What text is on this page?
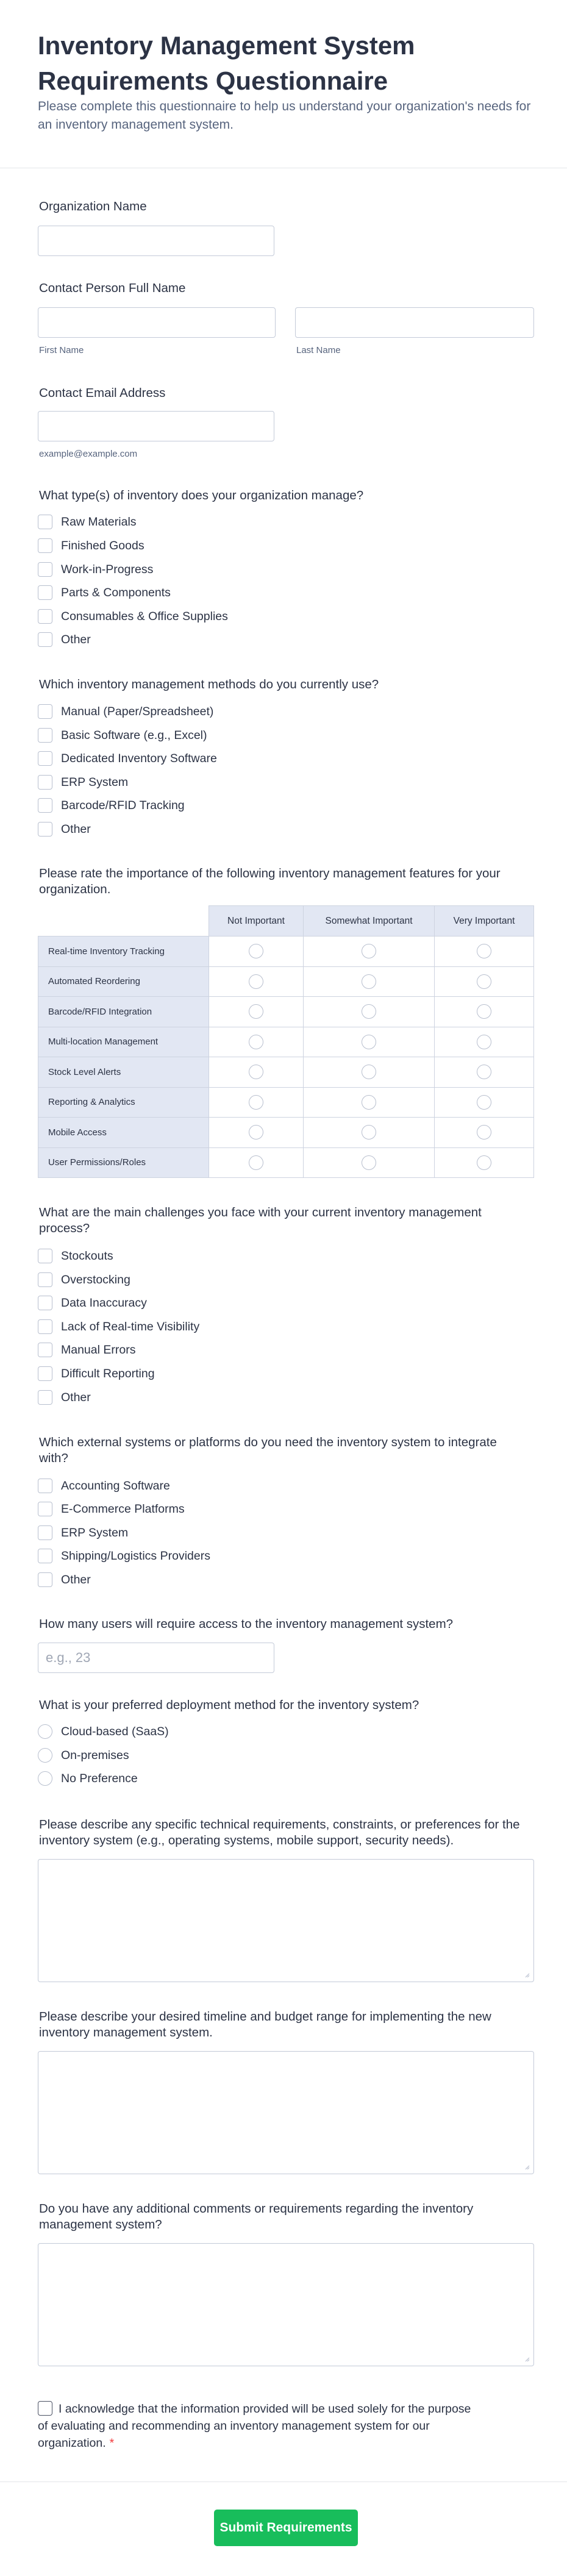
Inventory Management System Requirements Questionnaire

Please complete this questionnaire to help us understand your organization's needs for an inventory management system.

Organization Name
Contact Person Full Name
First Name	Last Name
Contact Email Address
example@example.com
What type(s) of inventory does your organization manage?
Raw Materials
Finished Goods
Work-in-Progress
Parts & Components
Consumables & Office Supplies
Other
Which inventory management methods do you currently use?
Manual (Paper/Spreadsheet)
Basic Software (e.g., Excel)
Dedicated Inventory Software
ERP System
Barcode/RFID Tracking
Other
Please rate the importance of the following inventory management features for your organization.
	Not Important	Somewhat Important	Very Important
Real-time Inventory Tracking			
Automated Reordering			
Barcode/RFID Integration			
Multi-location Management			
Stock Level Alerts			
Reporting & Analytics			
Mobile Access			
User Permissions/Roles			
What are the main challenges you face with your current inventory management process?
Stockouts
Overstocking
Data Inaccuracy
Lack of Real-time Visibility
Manual Errors
Difficult Reporting
Other
Which external systems or platforms do you need the inventory system to integrate with?
Accounting Software
E-Commerce Platforms
ERP System
Shipping/Logistics Providers
Other
How many users will require access to the inventory management system?
e.g., 23
What is your preferred deployment method for the inventory system?
Cloud-based (SaaS)
On-premises
No Preference
Please describe any specific technical requirements, constraints, or preferences for the inventory system (e.g., operating systems, mobile support, security needs).
Please describe your desired timeline and budget range for implementing the new inventory management system.
Do you have any additional comments or requirements regarding the inventory management system?
I acknowledge that the information provided will be used solely for the purpose of evaluating and recommending an inventory management system for our organization. *
Submit Requirements
